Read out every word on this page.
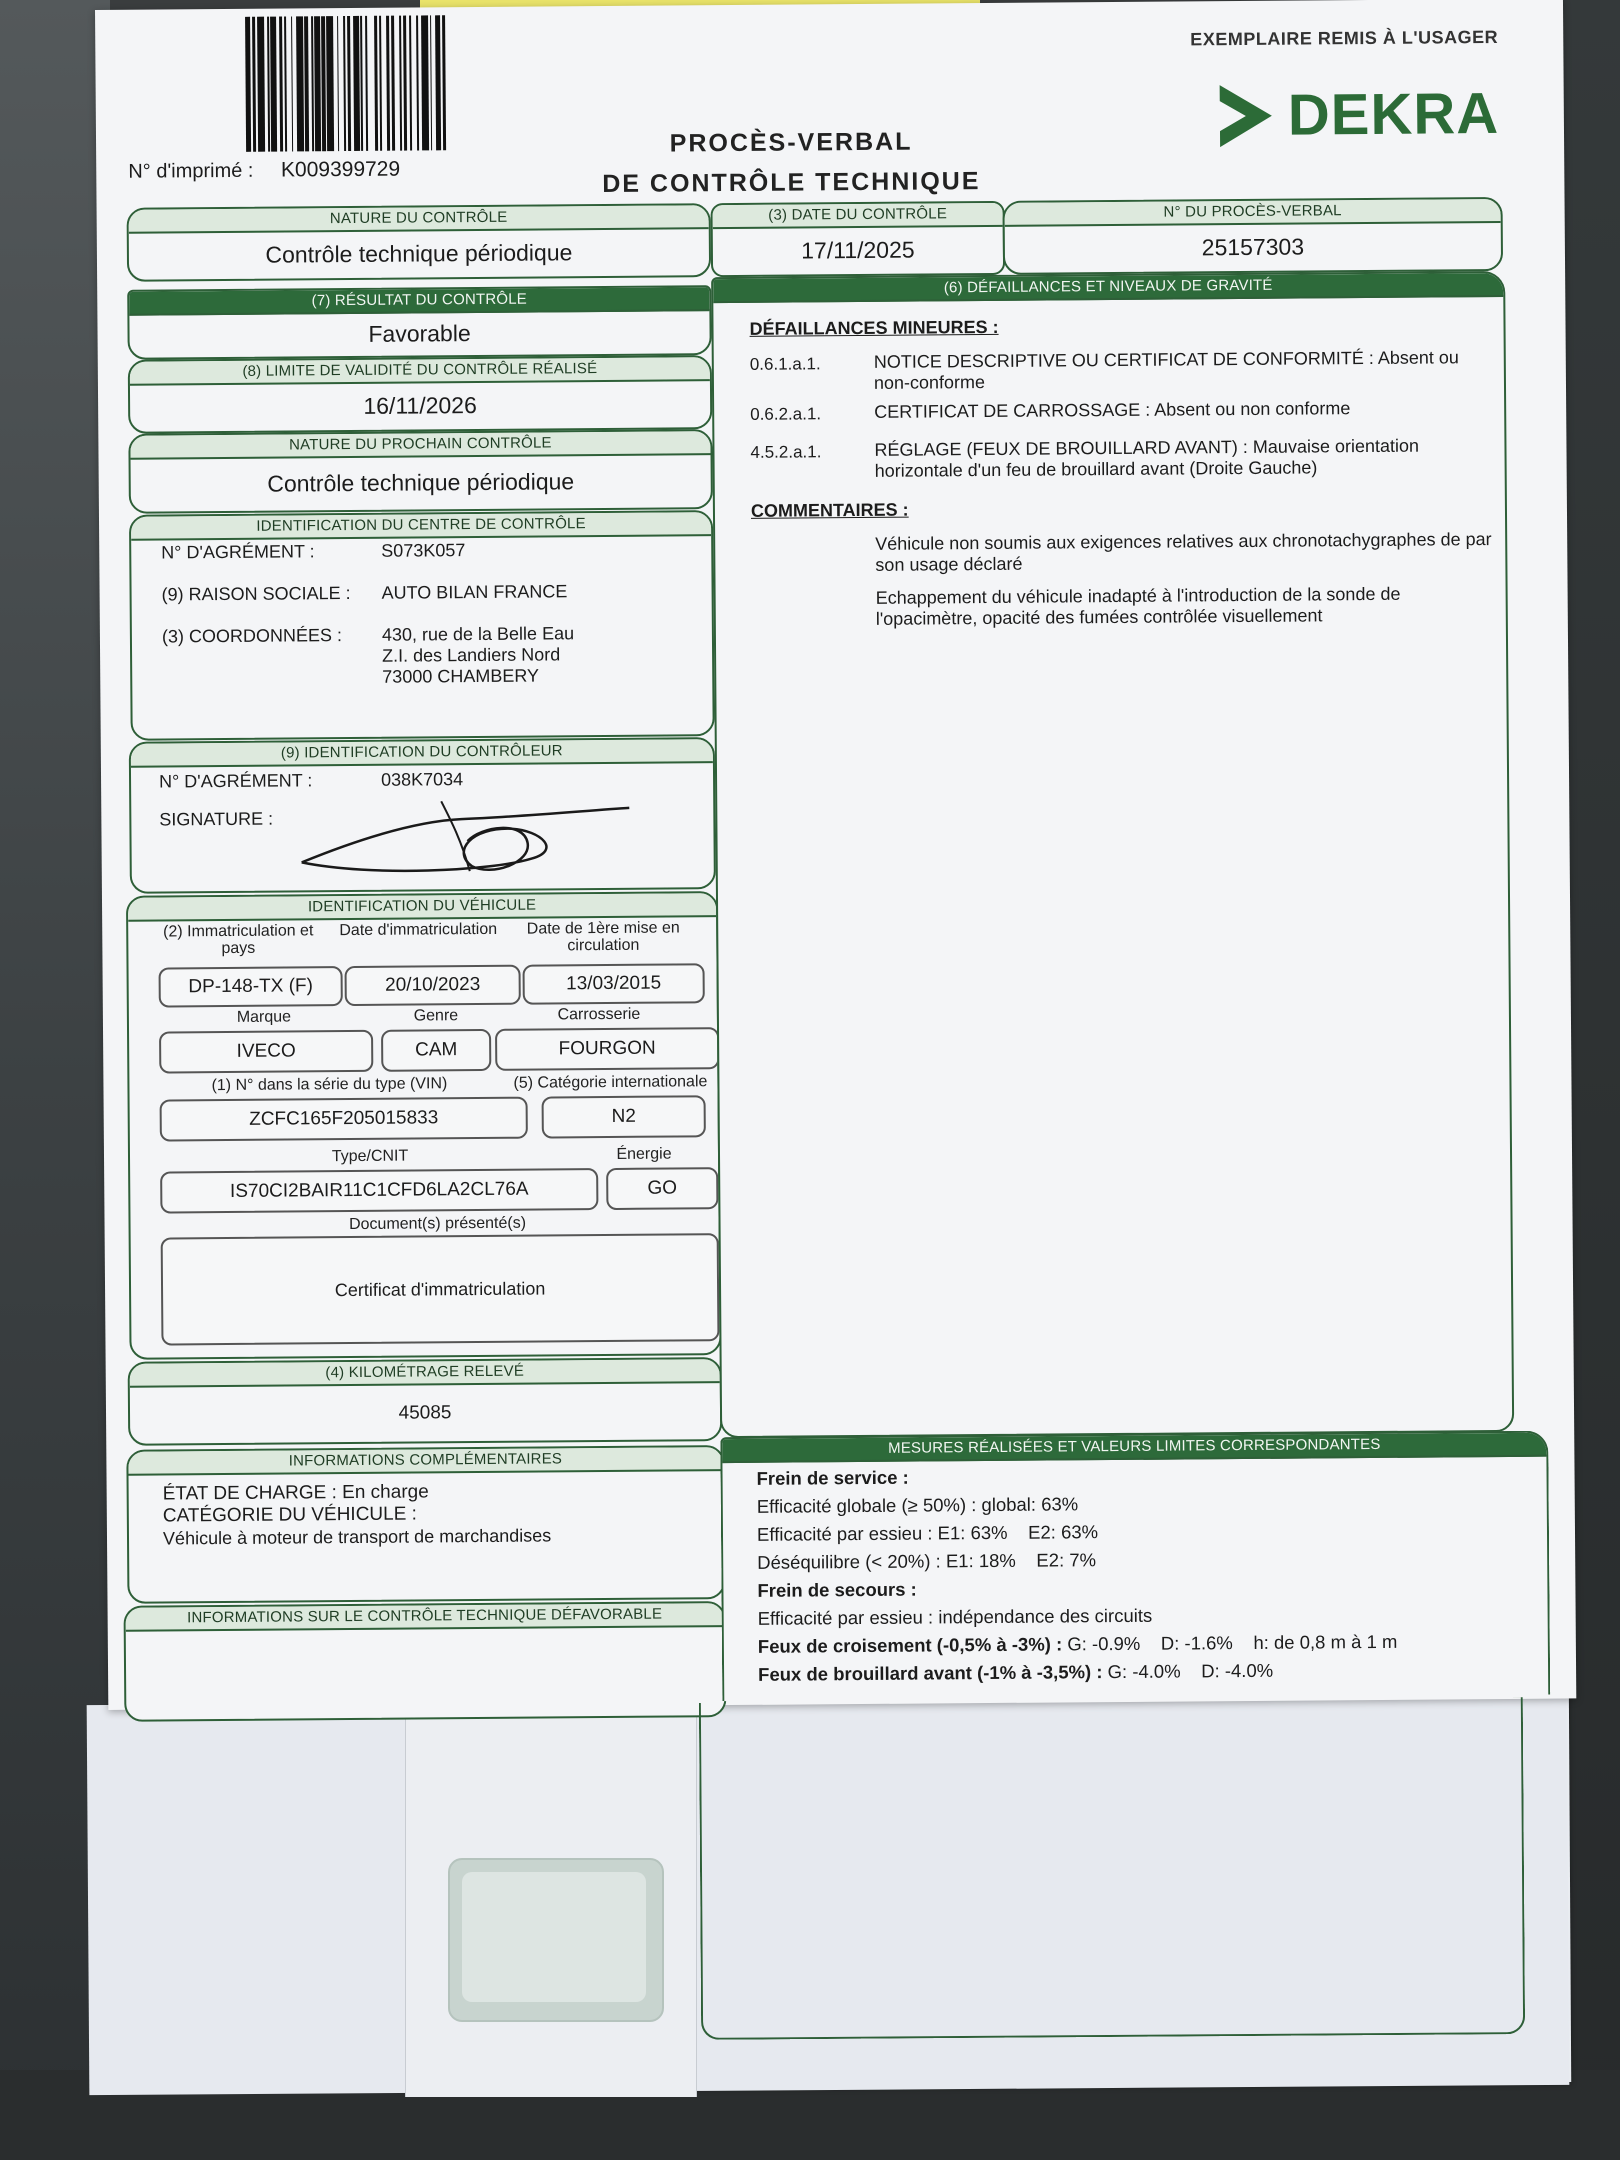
N° d'imprimé : K009399729
PROCÈS-VERBAL
DE CONTRÔLE TECHNIQUE
EXEMPLAIRE REMIS À L'USAGER
DEKRA
NATURE DU CONTRÔLE
Contrôle technique périodique
(3) DATE DU CONTRÔLE
17/11/2025
N° DU PROCÈS-VERBAL
25157303
(7) RÉSULTAT DU CONTRÔLE
Favorable
(8) LIMITE DE VALIDITÉ DU CONTRÔLE RÉALISÉ
16/11/2026
NATURE DU PROCHAIN CONTRÔLE
Contrôle technique périodique
IDENTIFICATION DU CENTRE DE CONTRÔLE
N° D'AGRÉMENT :	S073K057
(9) RAISON SOCIALE : AUTO BILAN FRANCE
(3) COORDONNÉES : 430, rue de la Belle Eau
Z.I. des Landiers Nord
73000 CHAMBERY
(9) IDENTIFICATION DU CONTRÔLEUR
N° D'AGRÉMENT :	038K7034
SIGNATURE :
IDENTIFICATION DU VÉHICULE
(2) Immatriculation et pays
Date d'immatriculation	Date de 1ère mise en circulation
DP-148-TX (F)	20/10/2023	13/03/2015
Marque	Genre	Carrosserie
IVECO	CAM	FOURGON
(1) N° dans la série du type (VIN)	(5) Catégorie internationale
ZCFC165F205015833	N2
Type/CNIT	Énergie
IS70CI2BAIR11C1CFD6LA2CL76A	GO
Document(s) présenté(s)
Certificat d'immatriculation
(4) KILOMÉTRAGE RELEVÉ
45085
INFORMATIONS COMPLÉMENTAIRES
ÉTAT DE CHARGE : En charge
CATÉGORIE DU VÉHICULE :
Véhicule à moteur de transport de marchandises
INFORMATIONS SUR LE CONTRÔLE TECHNIQUE DÉFAVORABLE
(6) DÉFAILLANCES ET NIVEAUX DE GRAVITÉ
DÉFAILLANCES MINEURES :
0.6.1.a.1.	NOTICE DESCRIPTIVE OU CERTIFICAT DE CONFORMITÉ : Absent ou non-conforme
0.6.2.a.1.	CERTIFICAT DE CARROSSAGE : Absent ou non conforme
4.5.2.a.1.	RÉGLAGE (FEUX DE BROUILLARD AVANT) : Mauvaise orientation horizontale d'un feu de brouillard avant (Droite Gauche)
COMMENTAIRES :
Véhicule non soumis aux exigences relatives aux chronotachygraphes de par son usage déclaré
Echappement du véhicule inadapté à l'introduction de la sonde de l'opacimètre, opacité des fumées contrôlée visuellement
MESURES RÉALISÉES ET VALEURS LIMITES CORRESPONDANTES
Frein de service :
Efficacité globale (≥ 50%) : global: 63%
Efficacité par essieu : E1: 63%    E2: 63%
Déséquilibre (< 20%) : E1: 18%    E2: 7%
Frein de secours :
Efficacité par essieu : indépendance des circuits
Feux de croisement (-0,5% à -3%) : G: -0.9%    D: -1.6%    h: de 0,8 m à 1 m
Feux de brouillard avant (-1% à -3,5%) : G: -4.0%    D: -4.0%
